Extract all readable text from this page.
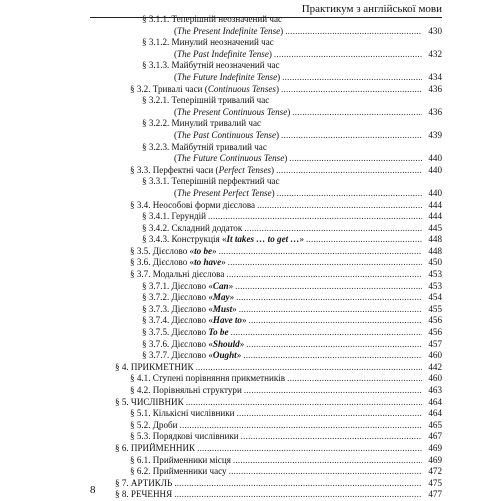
Практикум з англійської мови
§ 3.1.1. Теперішній неозначений час
(The Present Indefinite Tense)	430
.....
§ 3.1.2. Минулий неозначений час
(The Past Indefinite Tense)	432
.....
§ 3.1.3. Майбутній неозначений час
(The Future Indefinite Tense)	434
.....
§ 3.2. Тривалі часи (Continuous Tenses)	436
.....
§ 3.2.1. Теперішній тривалий час
(The Present Continuous Tense)	436
.....
§ 3.2.2. Минулий тривалий час
(The Past Continuous Tense)	439
.....
§ 3.2.3. Майбутній тривалий час
(The Future Continuous Tense)	440
.....
§ 3.3. Перфектні часи (Perfect Tenses)	440
.....
§ 3.3.1. Теперішній перфектний час
(The Present Perfect Tense)	440
.....
§ 3.4. Неособові форми дієслова	444
.....
§ 3.4.1. Герундій	444
.....
§ 3.4.2. Складний додаток	445
.....
§ 3.4.3. Конструкція «It takes … to get …»	448
.....
§ 3.5. Дієслово «to be»	448
.....
§ 3.6. Дієслово «to have»	450
.....
§ 3.7. Модальні дієслова	453
.....
§ 3.7.1. Дієслово «Can»	453
.....
§ 3.7.2. Дієслово «May»	454
.....
§ 3.7.3. Дієслово «Must»	455
.....
§ 3.7.4. Дієслово «Have to»	456
.....
§ 3.7.5. Дієслово To be	456
.....
§ 3.7.6. Дієслово «Should»	457
.....
§ 3.7.7. Дієслово «Ought»	460
.....
§ 4. ПРИКМЕТНИК	442
.....
§ 4.1. Ступені порівняння прикметників	460
.....
§ 4.2. Порівняльні структури	463
.....
§ 5. ЧИСЛІВНИК	464
.....
§ 5.1. Кількісні числівники	464
.....
§ 5.2. Дроби	465
.....
§ 5.3. Порядкові числівники	467
.....
§ 6. ПРИЙМЕННИК	469
.....
§ 6.1. Прийменники місця	469
.....
§ 6.2. Прийменники часу	472
.....
§ 7. АРТИКЛЬ	475
.....
§ 8. РЕЧЕННЯ	477
.....
8
